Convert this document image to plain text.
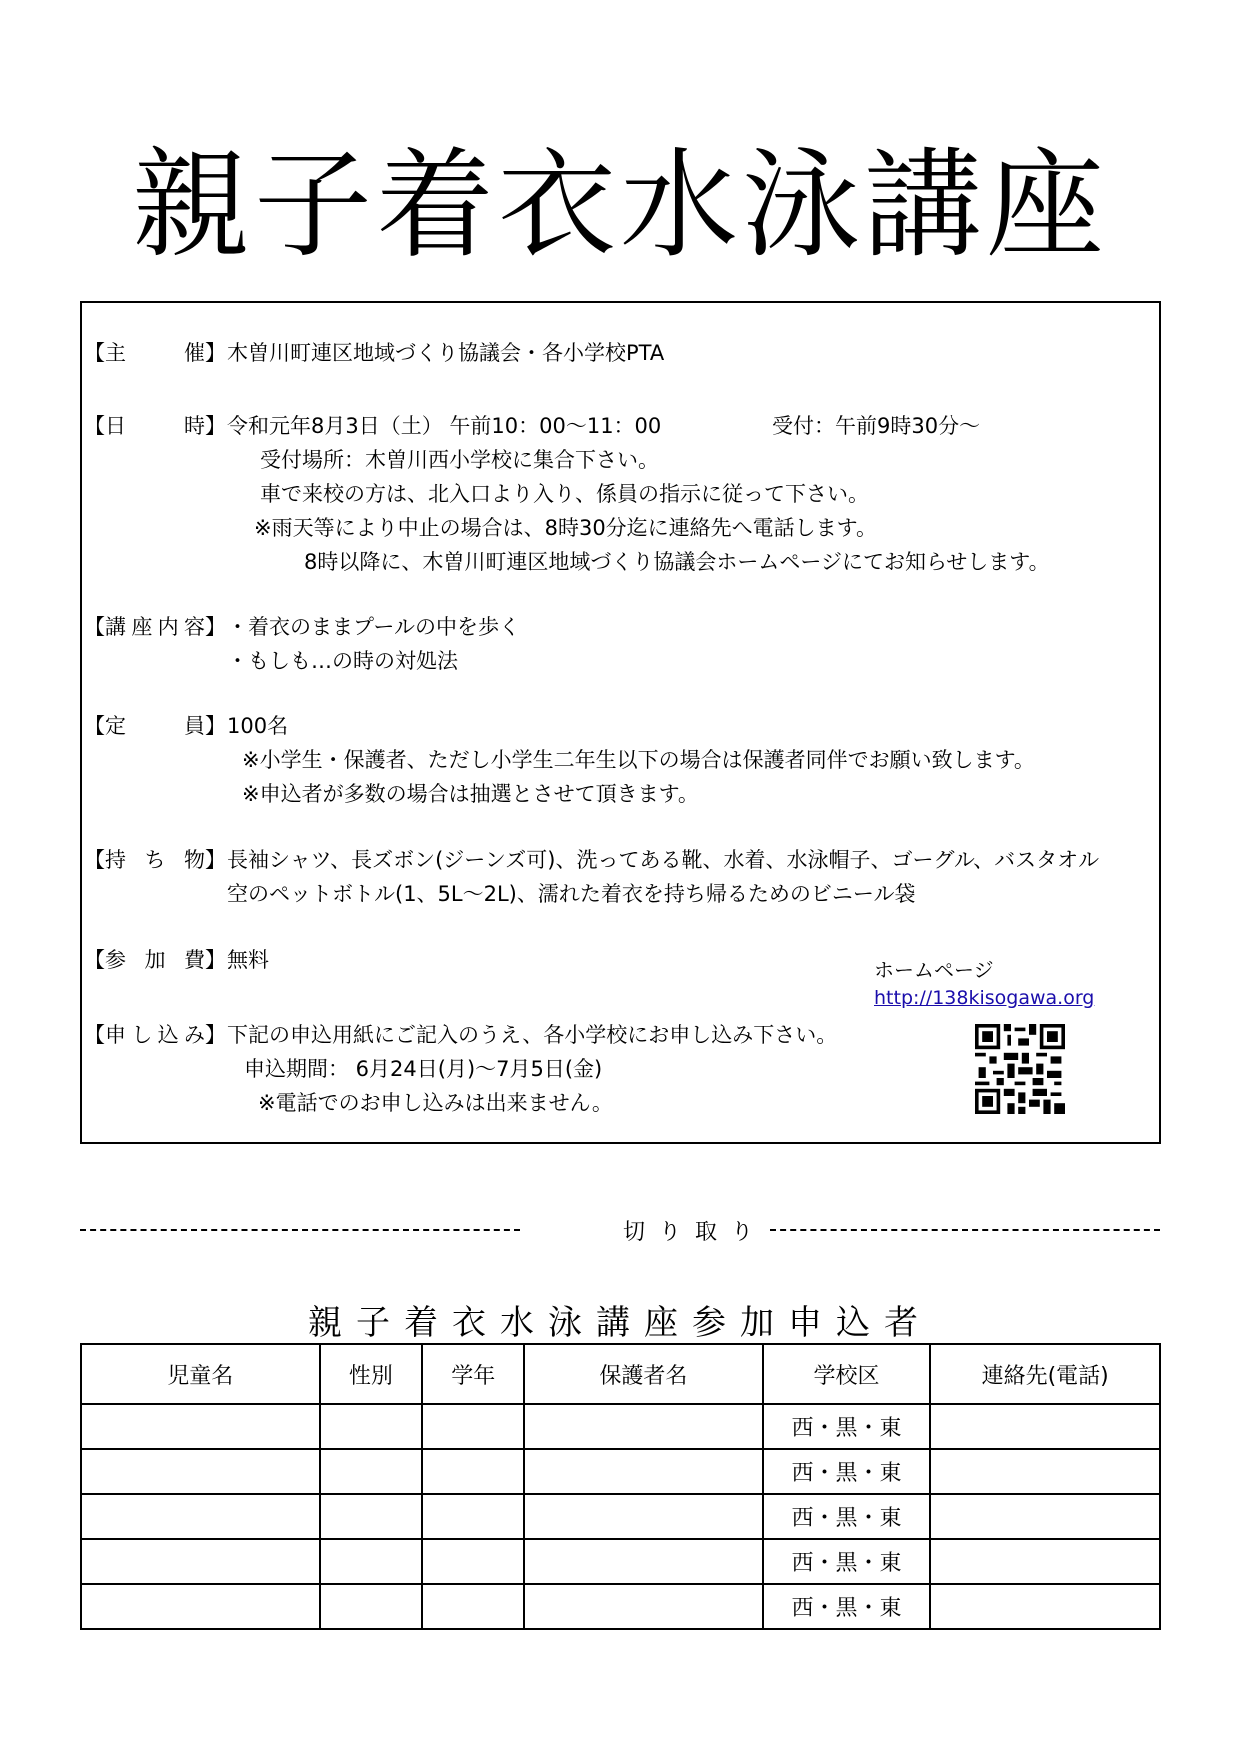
親子着衣水泳講座
【主 催】 木曽川町連区地域づくり協議会・各小学校PTA
【日 時】 令和元年8月3日（土） 午前10：00～11：00	受付：午前9時30分～
受付場所：木曽川西小学校に集合下さい。
車で来校の方は、北入口より入り、係員の指示に従って下さい。
※雨天等により中止の場合は、8時30分迄に連絡先へ電話します。
8時以降に、木曽川町連区地域づくり協議会ホームページにてお知らせします。
【講座内容】 ・着衣のままプールの中を歩く
・もしも…の時の対処法
【定 員】 100名
※小学生・保護者、ただし小学生二年生以下の場合は保護者同伴でお願い致します。
※申込者が多数の場合は抽選とさせて頂きます。
【持 ち 物】 長袖シャツ、長ズボン(ジーンズ可)、洗ってある靴、水着、水泳帽子、ゴーグル、バスタオル
空のペットボトル(1、5L～2L)、濡れた着衣を持ち帰るためのビニール袋
【参 加 費】 無料	ホームページ
http://138kisogawa.org
【申し込み】 下記の申込用紙にご記入のうえ、各小学校にお申し込み下さい。
申込期間： 6月24日(月)～7月5日(金)
※電話でのお申し込みは出来ません。
切り取り
親子着衣水泳講座参加申込者
児童名	性別	学年	保護者名	学校区	連絡先(電話)
				西・黒・東	
				西・黒・東	
				西・黒・東	
				西・黒・東	
				西・黒・東	
